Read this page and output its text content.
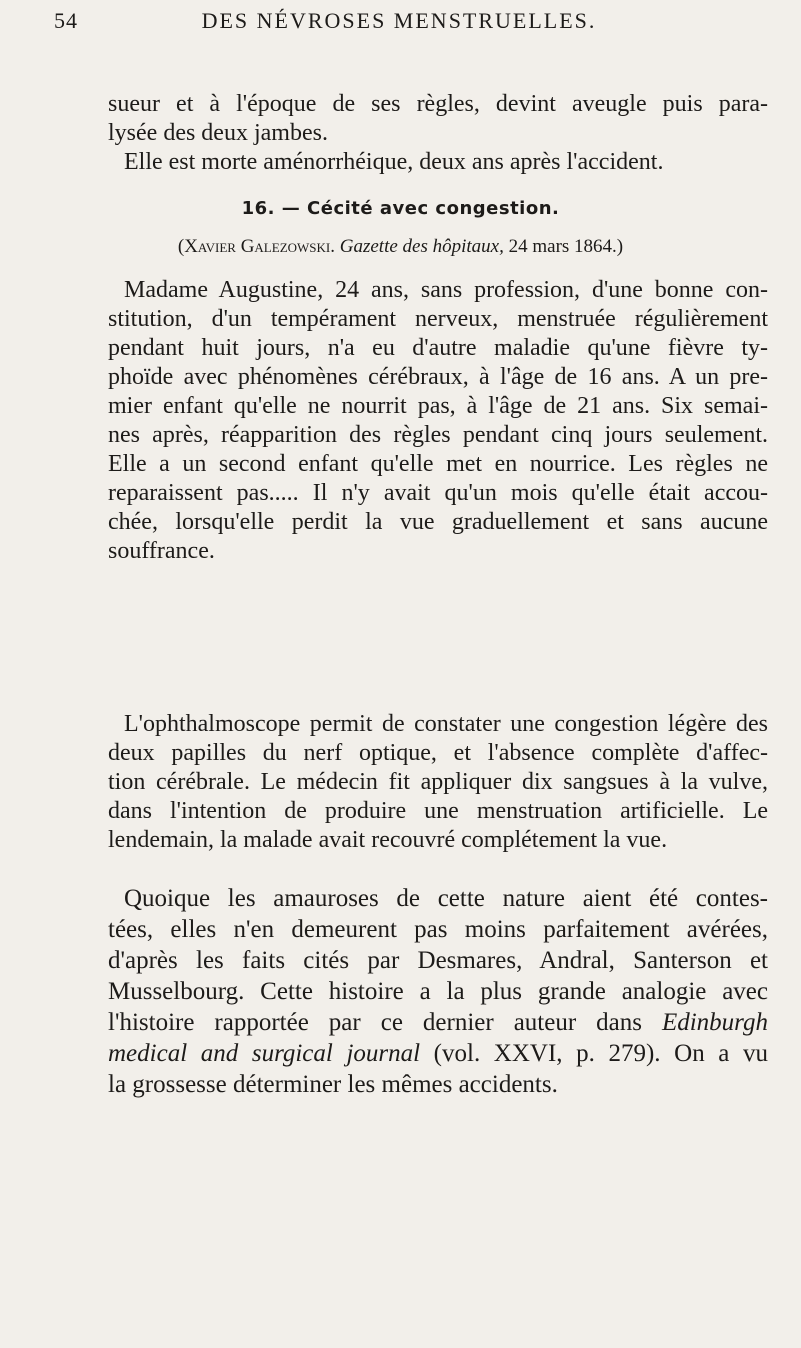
54	DES NÉVROSES MENSTRUELLES.
sueur et à l'époque de ses règles, devint aveugle puis para-
lysée des deux jambes.
Elle est morte aménorrhéique, deux ans après l'accident.
16. — Cécité avec congestion.
(Xavier Galezowski. Gazette des hôpitaux, 24 mars 1864.)
Madame Augustine, 24 ans, sans profession, d'une bonne con-
stitution, d'un tempérament nerveux, menstruée régulièrement
pendant huit jours, n'a eu d'autre maladie qu'une fièvre ty-
phoïde avec phénomènes cérébraux, à l'âge de 16 ans. A un pre-
mier enfant qu'elle ne nourrit pas, à l'âge de 21 ans. Six semai-
nes après, réapparition des règles pendant cinq jours seulement.
Elle a un second enfant qu'elle met en nourrice. Les règles ne
reparaissent pas..... Il n'y avait qu'un mois qu'elle était accou-
chée, lorsqu'elle perdit la vue graduellement et sans aucune
souffrance.
L'ophthalmoscope permit de constater une congestion légère des
deux papilles du nerf optique, et l'absence complète d'affec-
tion cérébrale. Le médecin fit appliquer dix sangsues à la vulve,
dans l'intention de produire une menstruation artificielle. Le
lendemain, la malade avait recouvré complétement la vue.
Quoique les amauroses de cette nature aient été contes-
tées, elles n'en demeurent pas moins parfaitement avérées,
d'après les faits cités par Desmares, Andral, Santerson et
Musselbourg. Cette histoire a la plus grande analogie avec
l'histoire rapportée par ce dernier auteur dans Edinburgh
medical and surgical journal (vol. XXVI, p. 279). On a vu
la grossesse déterminer les mêmes accidents.
